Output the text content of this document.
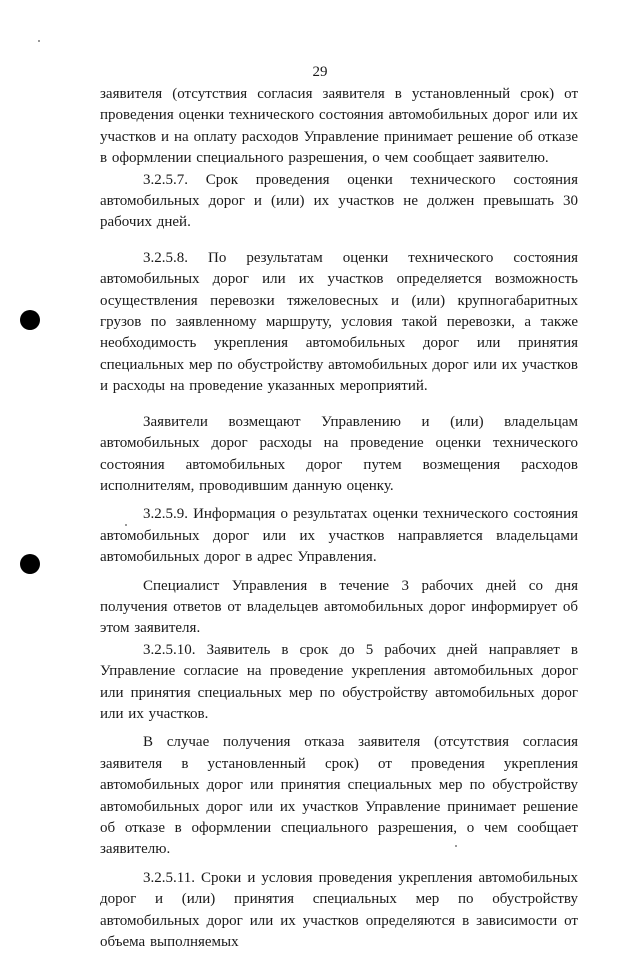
29

заявителя (отсутствия согласия заявителя в установленный срок) от проведения оценки технического состояния автомобильных дорог или их участков и на оплату расходов Управление принимает решение об отказе в оформлении специального разрешения, о чем сообщает заявителю.

3.2.5.7. Срок проведения оценки технического состояния автомобильных дорог и (или) их участков не должен превышать 30 рабочих дней.

3.2.5.8. По результатам оценки технического состояния автомобильных дорог или их участков определяется возможность осуществления перевозки тяжеловесных и (или) крупногабаритных грузов по заявленному маршруту, условия такой перевозки, а также необходимость укрепления автомобильных дорог или принятия специальных мер по обустройству автомобильных дорог или их участков и расходы на проведение указанных мероприятий.

Заявители возмещают Управлению и (или) владельцам автомобильных дорог расходы на проведение оценки технического состояния автомобильных дорог путем возмещения расходов исполнителям, проводившим данную оценку.

3.2.5.9. Информация о результатах оценки технического состояния автомобильных дорог или их участков направляется владельцами автомобильных дорог в адрес Управления.

Специалист Управления в течение 3 рабочих дней со дня получения ответов от владельцев автомобильных дорог информирует об этом заявителя.

3.2.5.10. Заявитель в срок до 5 рабочих дней направляет в Управление согласие на проведение укрепления автомобильных дорог или принятия специальных мер по обустройству автомобильных дорог или их участков.

В случае получения отказа заявителя (отсутствия согласия заявителя в установленный срок) от проведения укрепления автомобильных дорог или принятия специальных мер по обустройству автомобильных дорог или их участков Управление принимает решение об отказе в оформлении специального разрешения, о чем сообщает заявителю.

3.2.5.11. Сроки и условия проведения укрепления автомобильных дорог и (или) принятия специальных мер по обустройству автомобильных дорог или их участков определяются в зависимости от объема выполняемых
